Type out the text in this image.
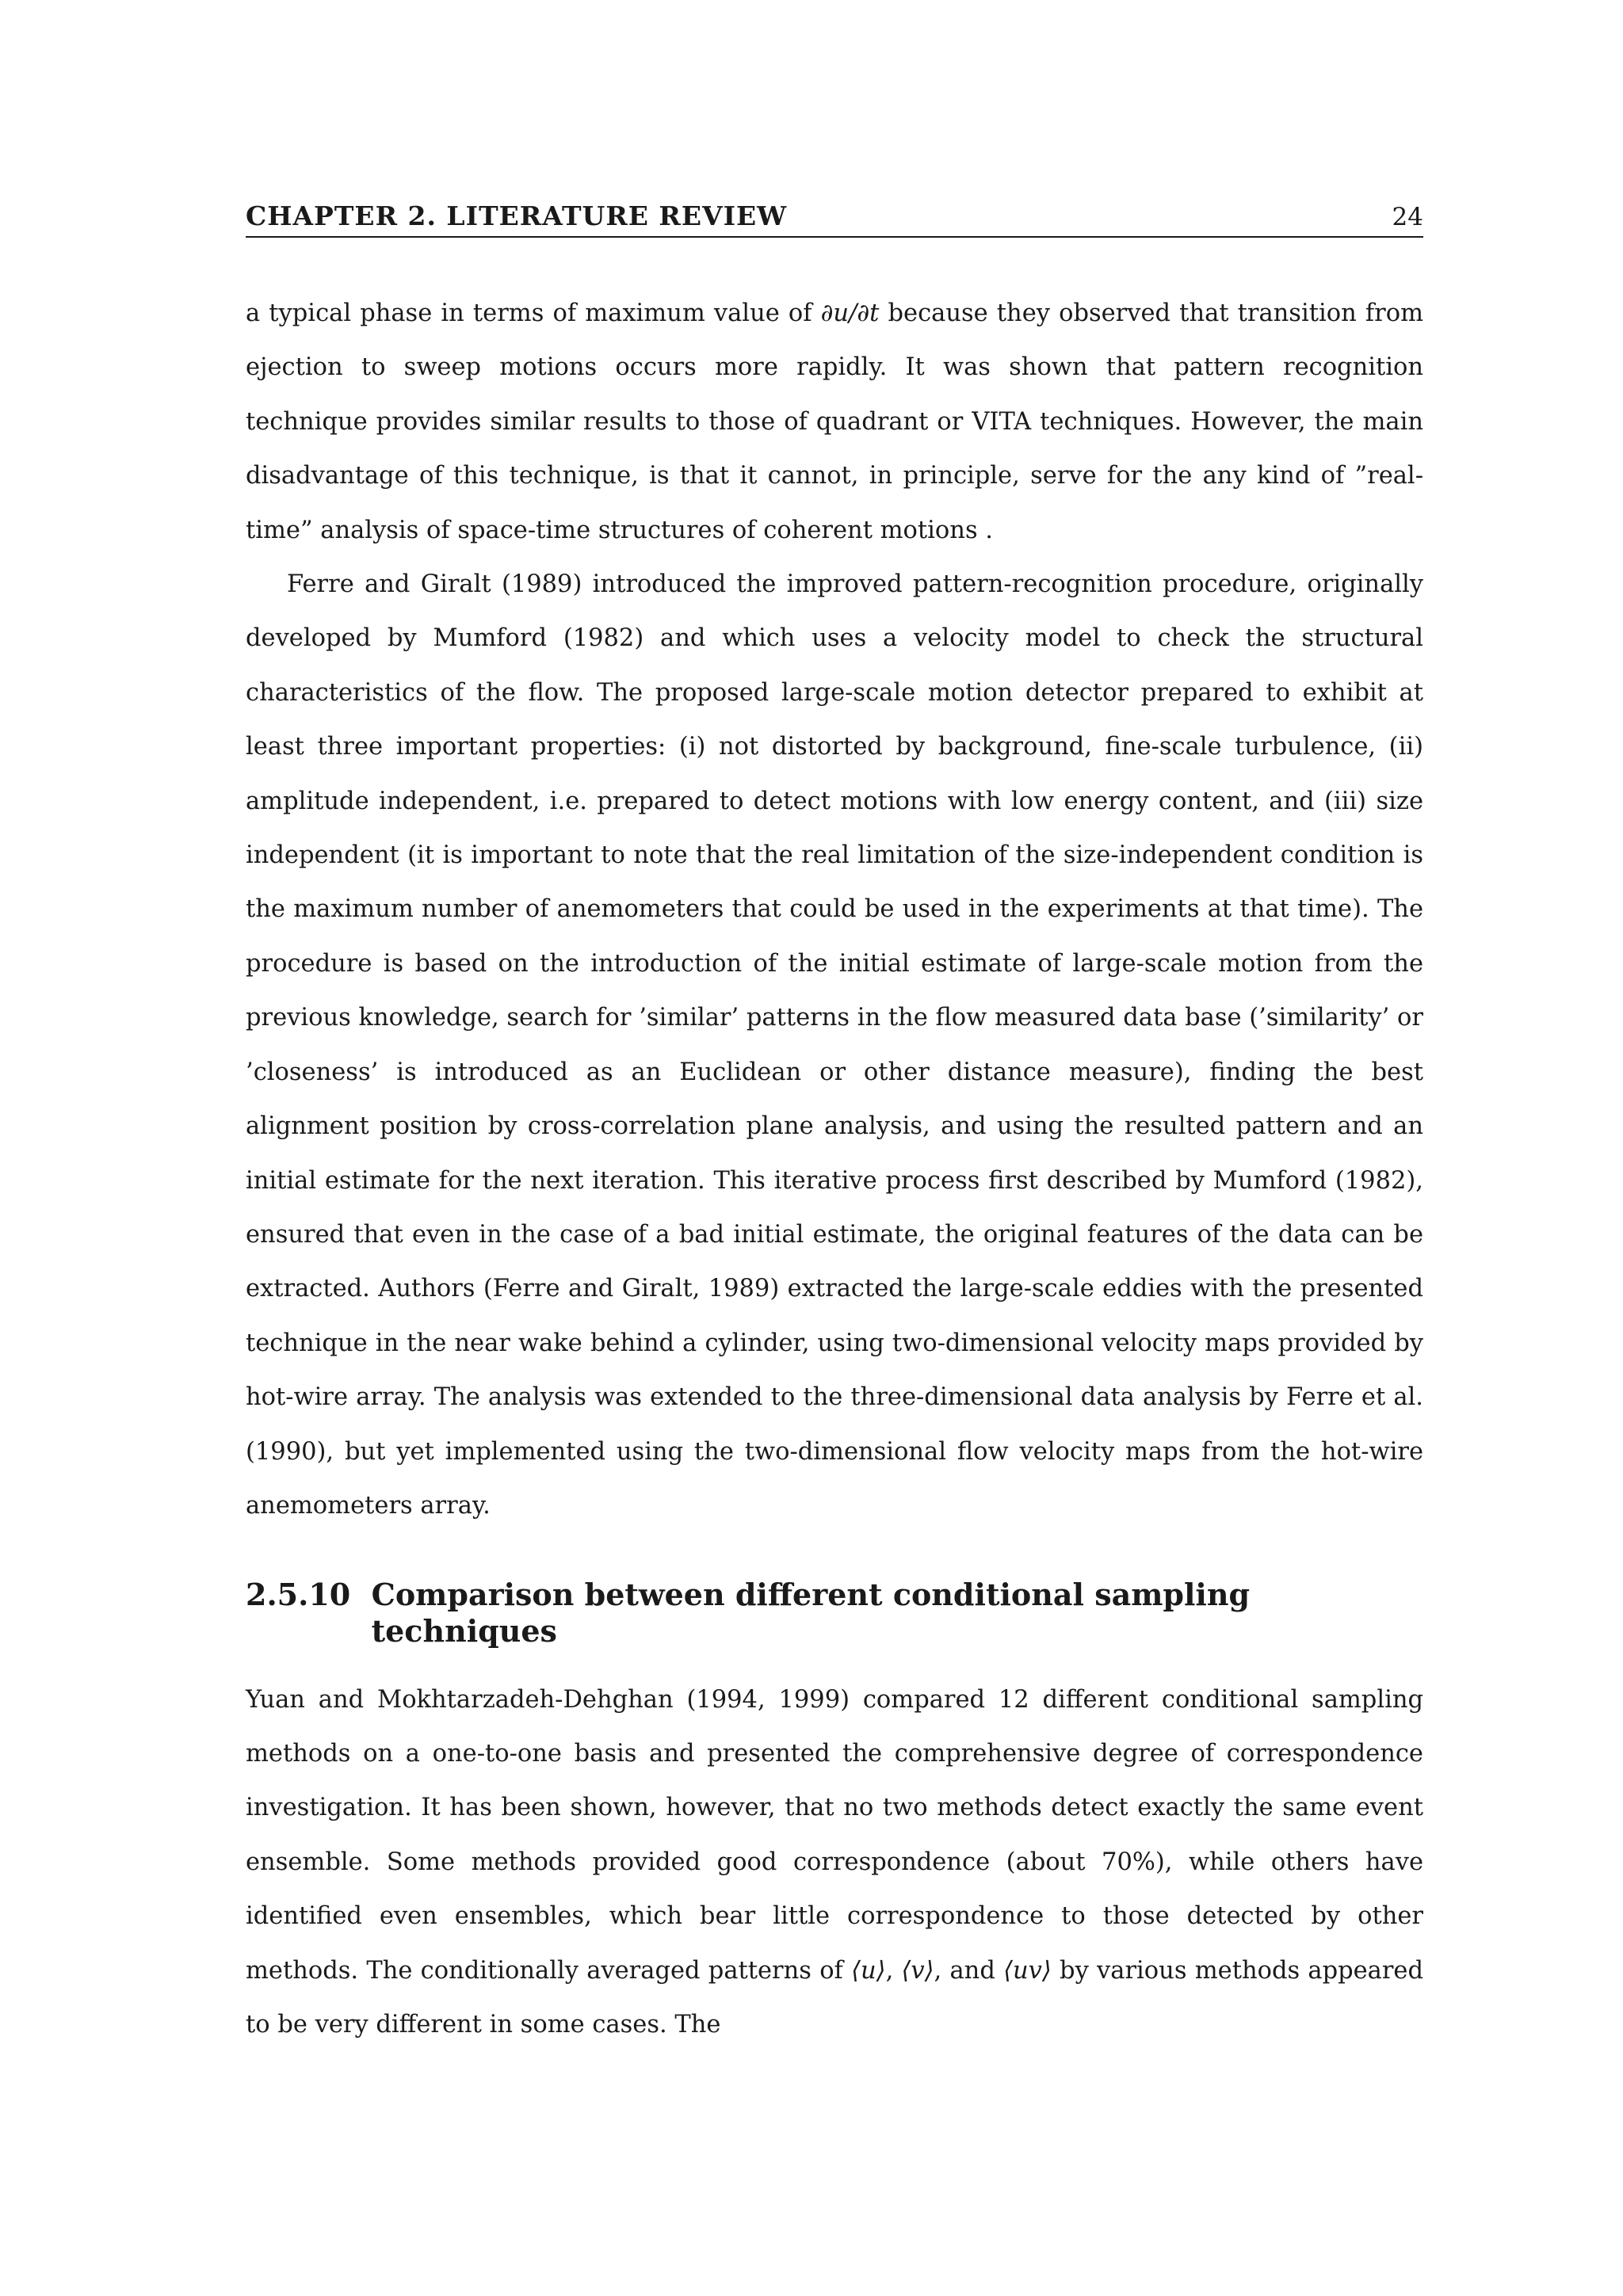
CHAPTER 2. LITERATURE REVIEW	24

a typical phase in terms of maximum value of ∂u/∂t because they observed that transition from ejection to sweep motions occurs more rapidly. It was shown that pattern recognition technique provides similar results to those of quadrant or VITA techniques. However, the main disadvantage of this technique, is that it cannot, in principle, serve for the any kind of ”real-time” analysis of space-time structures of coherent motions .

Ferre and Giralt (1989) introduced the improved pattern-recognition procedure, originally developed by Mumford (1982) and which uses a velocity model to check the structural characteristics of the flow. The proposed large-scale motion detector prepared to exhibit at least three important properties: (i) not distorted by background, fine-scale turbulence, (ii) amplitude independent, i.e. prepared to detect motions with low energy content, and (iii) size independent (it is important to note that the real limitation of the size-independent condition is the maximum number of anemometers that could be used in the experiments at that time). The procedure is based on the introduction of the initial estimate of large-scale motion from the previous knowledge, search for ’similar’ patterns in the flow measured data base (’similarity’ or ’closeness’ is introduced as an Euclidean or other distance measure), finding the best alignment position by cross-correlation plane analysis, and using the resulted pattern and an initial estimate for the next iteration. This iterative process first described by Mumford (1982), ensured that even in the case of a bad initial estimate, the original features of the data can be extracted. Authors (Ferre and Giralt, 1989) extracted the large-scale eddies with the presented technique in the near wake behind a cylinder, using two-dimensional velocity maps provided by hot-wire array. The analysis was extended to the three-dimensional data analysis by Ferre et al. (1990), but yet implemented using the two-dimensional flow velocity maps from the hot-wire anemometers array.

2.5.10 Comparison between different conditional sampling techniques

Yuan and Mokhtarzadeh-Dehghan (1994, 1999) compared 12 different conditional sampling methods on a one-to-one basis and presented the comprehensive degree of correspondence investigation. It has been shown, however, that no two methods detect exactly the same event ensemble. Some methods provided good correspondence (about 70%), while others have identified even ensembles, which bear little correspondence to those detected by other methods. The conditionally averaged patterns of ⟨u⟩, ⟨v⟩, and ⟨uv⟩ by various methods appeared to be very different in some cases. The
